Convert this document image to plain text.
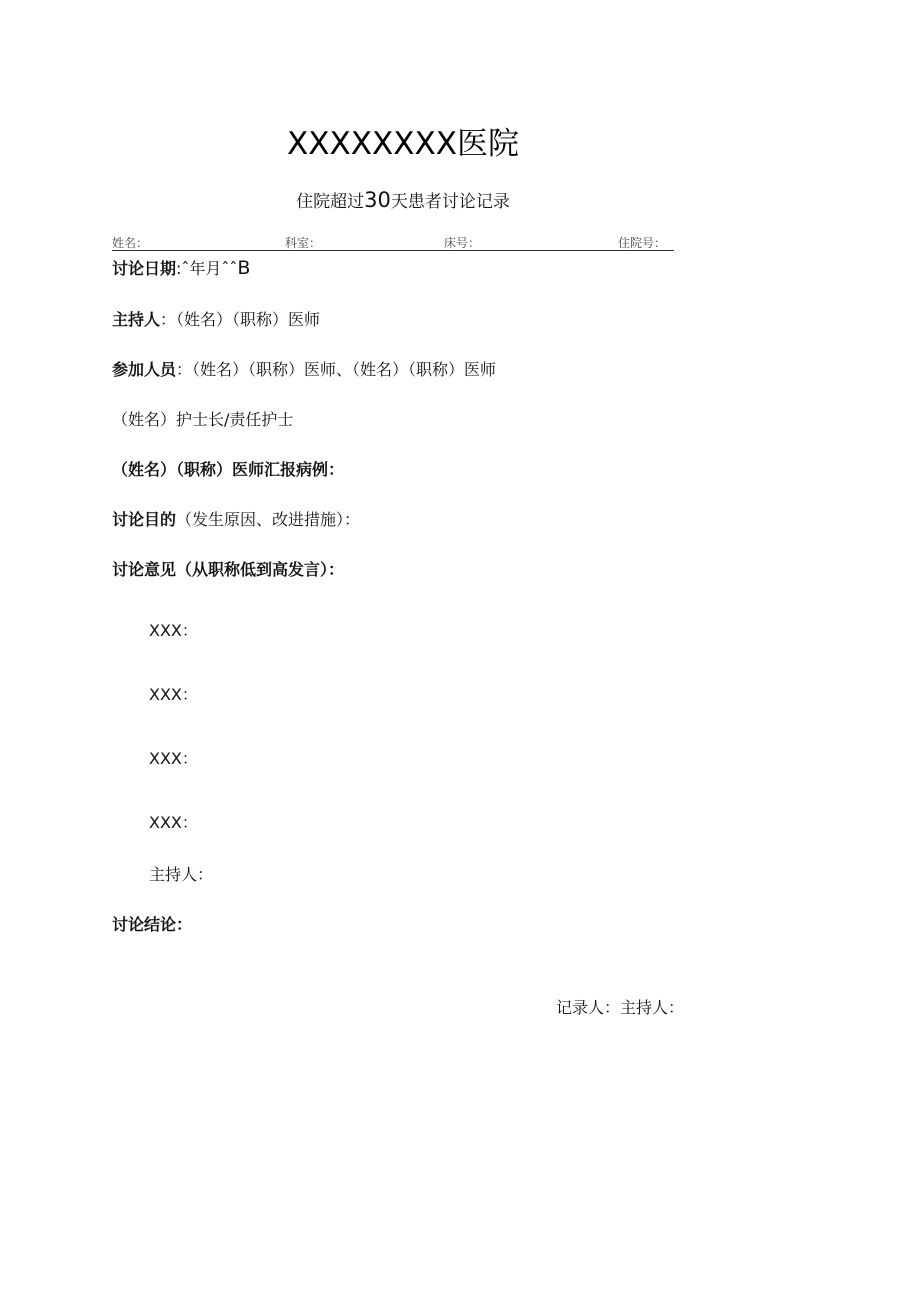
XXXXXXXX医院
住院超过30天患者讨论记录
姓名：	科室：	床号：	住院号：
讨论日期:ˆ年月ˆˆB
主持人：（姓名）（职称）医师
参加人员：（姓名）（职称）医师、（姓名）（职称）医师
（姓名）护士长/责任护士
（姓名）（职称）医师汇报病例：
讨论目的（发生原因、改进措施）：
讨论意见（从职称低到高发言）：
XXX：
XXX：
XXX：
XXX：
主持人：
讨论结论：
记录人：主持人：
